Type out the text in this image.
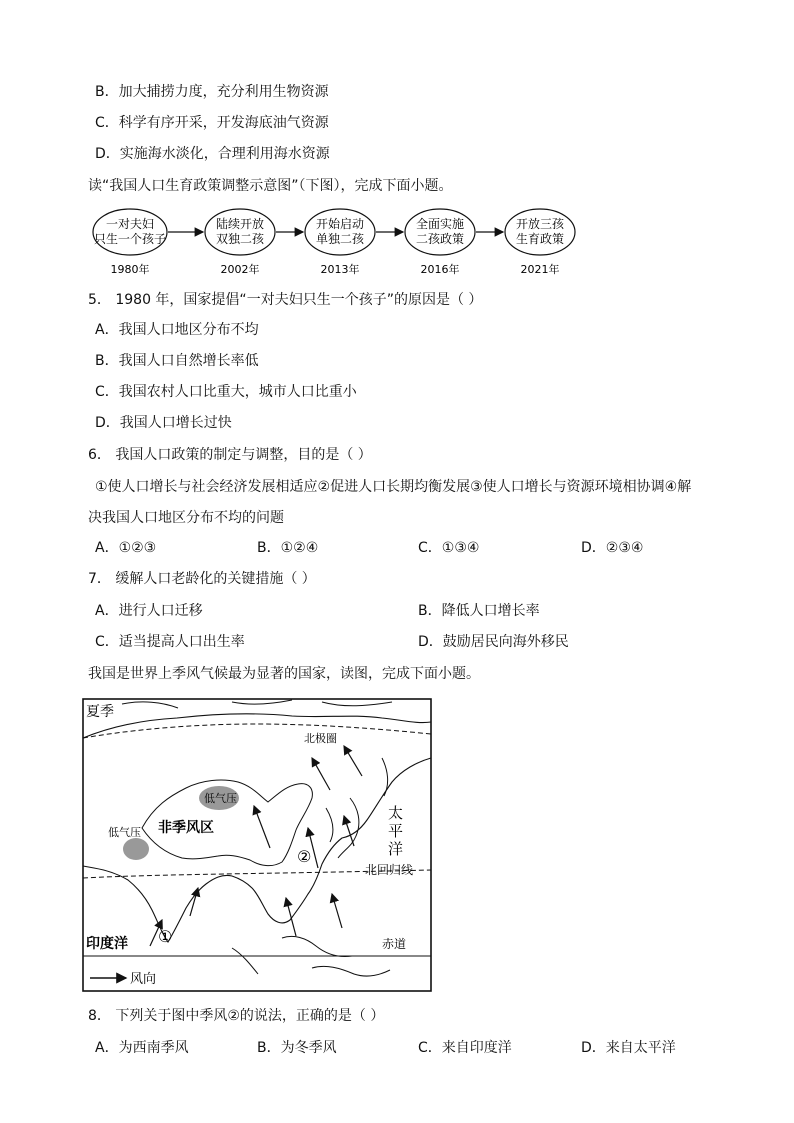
B．加大捕捞力度，充分利用生物资源
C．科学有序开采，开发海底油气资源
D．实施海水淡化，合理利用海水资源
读“我国人口生育政策调整示意图”（下图），完成下面小题。
一对夫妇
只生一个孩子
1980年
陆续开放
双独二孩
2002年
开始启动
单独二孩
2013年
全面实施
二孩政策
2016年
开放三孩
生育政策
2021年
5． 1980 年，国家提倡“一对夫妇只生一个孩子”的原因是（ ）
A．我国人口地区分布不均
B．我国人口自然增长率低
C．我国农村人口比重大，城市人口比重小
D．我国人口增长过快
6． 我国人口政策的制定与调整，目的是（ ）
①使人口增长与社会经济发展相适应②促进人口长期均衡发展③使人口增长与资源环境相协调④解
决我国人口地区分布不均的问题
A．①②③	B．①②④	C．①③④	D．②③④
7． 缓解人口老龄化的关键措施（ ）
A．进行人口迁移	B．降低人口增长率
C．适当提高人口出生率	D．鼓励居民向海外移民
我国是世界上季风气候最为显著的国家，读图，完成下面小题。
夏季
北极圈
低气压
低气压 非季风区
太
平
洋
北回归线
印度洋	赤道
①
②
风向
8． 下列关于图中季风②的说法，正确的是（ ）
A．为西南季风	B．为冬季风	C．来自印度洋	D．来自太平洋
